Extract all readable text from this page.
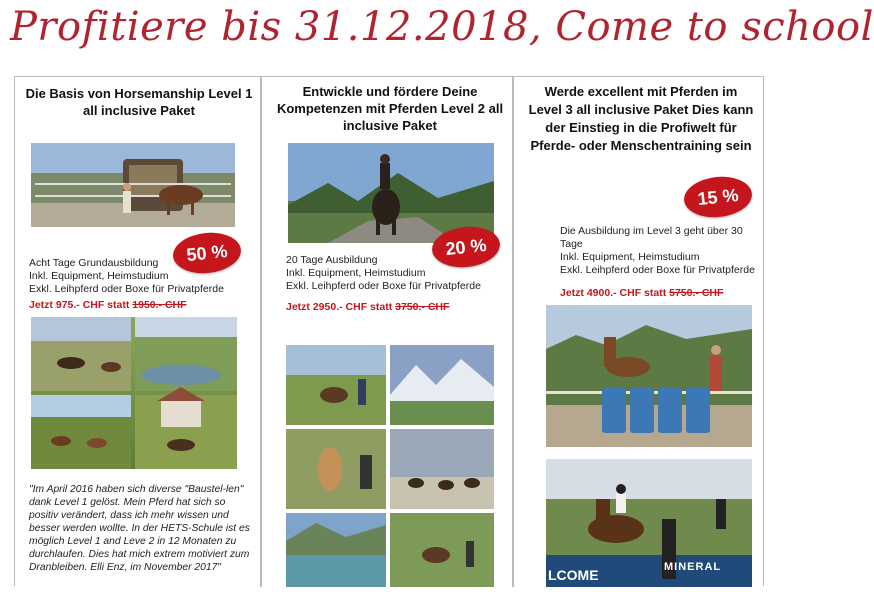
Profitiere bis 31.12.2018, Come to school
Die Basis von Horsemanship Level 1 all inclusive Paket
50 %
Acht Tage Grundausbildung
Inkl. Equipment, Heimstudium
Exkl. Leihpferd oder Boxe für Privatpferde
Jetzt 975.- CHF statt 1950.- CHF
"Im April 2016 haben sich diverse "Baustel-len" dank Level 1 gelöst. Mein Pferd hat sich so positiv verändert, dass ich mehr wissen und besser werden wollte. In der HETS-Schule ist es möglich Level 1 and Leve 2 in 12 Monaten zu durchlaufen. Dies hat mich extrem motiviert zum Dranbleiben. Elli Enz, im November 2017"
Entwickle und fördere Deine Kompetenzen mit Pferden Level 2 all inclusive Paket
20 %
20 Tage Ausbildung
Inkl. Equipment, Heimstudium
Exkl. Leihpferd oder Boxe für Privatpferde
Jetzt 2950.- CHF statt 3750.- CHF
Werde excellent mit Pferden im Level 3 all inclusive Paket Dies kann der Einstieg in die Profiwelt für Pferde- oder Menschentraining sein
15 %
Die Ausbildung im Level 3 geht über 30
Tage
Inkl. Equipment, Heimstudium
Exkl. Leihpferd oder Boxe für Privatpferde
Jetzt 4900.- CHF statt 5750.- CHF
MINERAL
LCOME
